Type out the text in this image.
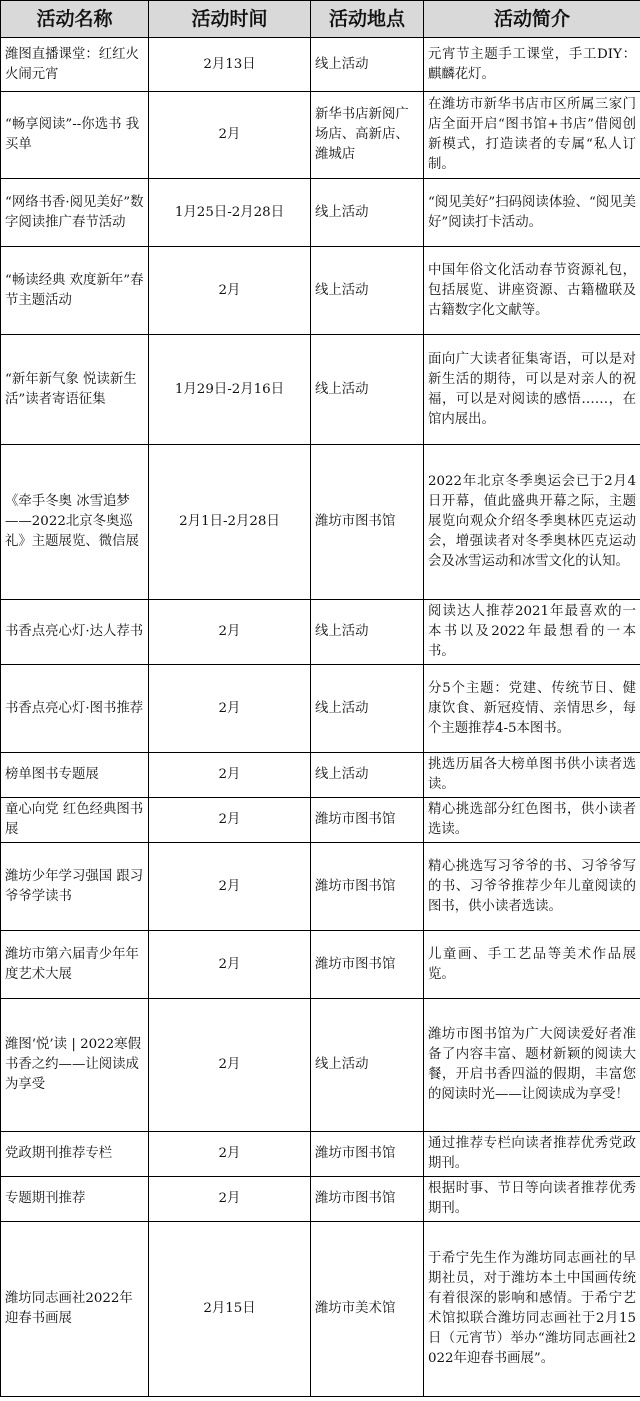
活动名称	活动时间	活动地点	活动简介
潍图直播课堂：红红火火闹元宵	2月13日	线上活动	元宵节主题手工课堂，手工DIY：麒麟花灯。
“畅享阅读”--你选书 我买单	2月	新华书店新阅广场店、高新店、潍城店	在潍坊市新华书店市区所属三家门店全面开启“图书馆+书店”借阅创新模式，打造读者的专属“私人订制。
“网络书香·阅见美好”数字阅读推广春节活动	1月25日-2月28日	线上活动	“阅见美好”扫码阅读体验、“阅见美好”阅读打卡活动。
“畅读经典 欢度新年”春节主题活动	2月	线上活动	中国年俗文化活动春节资源礼包，包括展览、讲座资源、古籍楹联及古籍数字化文献等。
“新年新气象 悦读新生活”读者寄语征集	1月29日-2月16日	线上活动	面向广大读者征集寄语，可以是对新生活的期待，可以是对亲人的祝福，可以是对阅读的感悟……，在馆内展出。
《牵手冬奥 冰雪追梦——2022北京冬奥巡礼》主题展览、微信展	2月1日-2月28日	潍坊市图书馆	2022年北京冬季奥运会已于2月4日开幕，值此盛典开幕之际，主题展览向观众介绍冬季奥林匹克运动会，增强读者对冬季奥林匹克运动会及冰雪运动和冰雪文化的认知。
书香点亮心灯·达人荐书	2月	线上活动	阅读达人推荐2021年最喜欢的一本书以及2022年最想看的一本书。
书香点亮心灯·图书推荐	2月	线上活动	分5个主题：党建、传统节日、健康饮食、新冠疫情、亲情思乡，每个主题推荐4-5本图书。
榜单图书专题展	2月	线上活动	挑选历届各大榜单图书供小读者选读。
童心向党 红色经典图书展	2月	潍坊市图书馆	精心挑选部分红色图书，供小读者选读。
潍坊少年学习强国 跟习爷爷学读书	2月	潍坊市图书馆	精心挑选写习爷爷的书、习爷爷写的书、习爷爷推荐少年儿童阅读的图书，供小读者选读。
潍坊市第六届青少年年度艺术大展	2月	潍坊市图书馆	儿童画、手工艺品等美术作品展览。
潍图‘悦’读 | 2022寒假书香之约——让阅读成为享受	2月	线上活动	潍坊市图书馆为广大阅读爱好者准备了内容丰富、题材新颖的阅读大餐，开启书香四溢的假期，丰富您的阅读时光——让阅读成为享受！
党政期刊推荐专栏	2月	潍坊市图书馆	通过推荐专栏向读者推荐优秀党政期刊。
专题期刊推荐	2月	潍坊市图书馆	根据时事、节日等向读者推荐优秀期刊。
潍坊同志画社2022年迎春书画展	2月15日	潍坊市美术馆	于希宁先生作为潍坊同志画社的早期社员，对于潍坊本土中国画传统有着很深的影响和感情。于希宁艺术馆拟联合潍坊同志画社于2月15日（元宵节）举办“潍坊同志画社2022年迎春书画展”。
